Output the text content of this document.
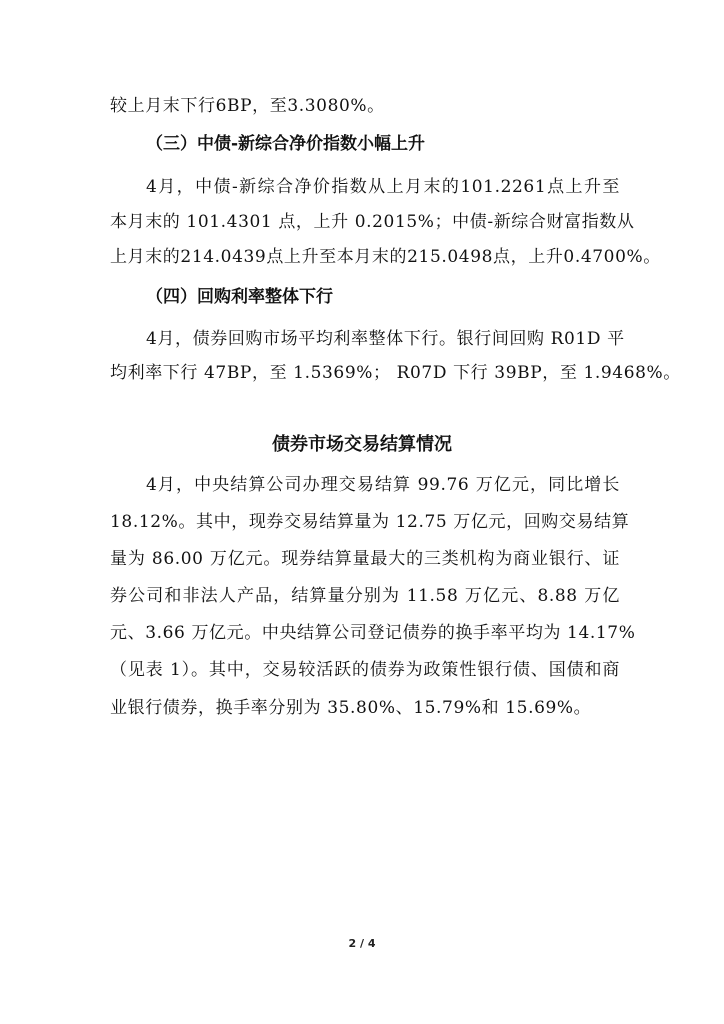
较上月末下行6BP，至3.3080%。
（三）中债-新综合净价指数小幅上升
4月，中债-新综合净价指数从上月末的101.2261点上升至
本月末的 101.4301 点，上升 0.2015%；中债-新综合财富指数从
上月末的214.0439点上升至本月末的215.0498点，上升0.4700%。
（四）回购利率整体下行
4月，债券回购市场平均利率整体下行。银行间回购 R01D 平
均利率下行 47BP，至 1.5369%； R07D 下行 39BP，至 1.9468%。
债券市场交易结算情况
4月，中央结算公司办理交易结算 99.76 万亿元，同比增长
18.12%。其中，现券交易结算量为 12.75 万亿元，回购交易结算
量为 86.00 万亿元。现券结算量最大的三类机构为商业银行、证
券公司和非法人产品，结算量分别为 11.58 万亿元、8.88 万亿
元、3.66 万亿元。中央结算公司登记债券的换手率平均为 14.17%
（见表 1）。其中，交易较活跃的债券为政策性银行债、国债和商
业银行债券，换手率分别为 35.80%、15.79%和 15.69%。
2 / 4
